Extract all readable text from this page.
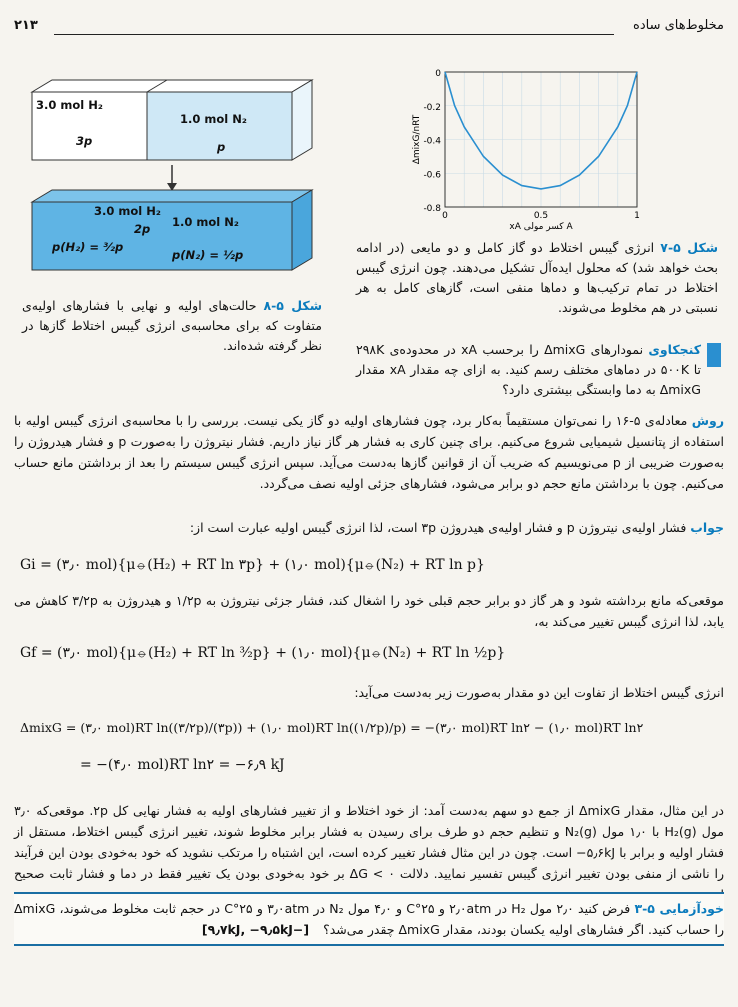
۲۱۳	مخلوط‌های ساده
3.0 mol H₂
3p
1.0 mol N₂
p
3.0 mol H₂
1.0 mol N₂
2p
p(H₂) = ³⁄₂p
p(N₂) = ½p
0
-0.2
-0.4
-0.6
-0.8
0	0.5	1
ΔmixG/nRT
xA کسر مولی A
شکل ۵-۷ انرژی گیبس اختلاط دو گاز کامل و دو مایعی (در ادامه بحث خواهد شد) که محلول ایده‌آل تشکیل می‌دهند. چون انرژی گیبس اختلاط در تمام ترکیب‌ها و دماها منفی است، گازهای کامل به هر نسبتی در هم مخلوط می‌شوند.
شکل ۵-۸ حالت‌های اولیه و نهایی با فشارهای اولیه‌ی متفاوت که برای محاسبه‌ی انرژی گیبس اختلاط گازها در نظر گرفته شده‌اند.	کنجکاوی نمودارهای ΔmixG را برحسب xA در محدوده‌ی ۲۹۸K تا ۵۰۰K در دماهای مختلف رسم کنید. به ازای چه مقدار xA مقدار ΔmixG به دما وابستگی بیشتری دارد؟
روش معادله‌ی ۵-۱۶ را نمی‌توان مستقیماً به‌کار برد، چون فشارهای اولیه دو گاز یکی نیست. بررسی را با محاسبه‌ی انرژی گیبس اولیه با استفاده از پتانسیل شیمیایی شروع می‌کنیم. برای چنین کاری به فشار هر گاز نیاز داریم. فشار نیتروژن را به‌صورت p و فشار هیدروژن را به‌صورت ضریبی از p می‌نویسیم که ضریب آن از قوانین گازها به‌دست می‌آید. سپس انرژی گیبس سیستم را بعد از برداشتن مانع حساب می‌کنیم. چون با برداشتن مانع حجم دو برابر می‌شود، فشارهای جزئی اولیه نصف می‌گردد.
جواب فشار اولیه‌ی نیتروژن p و فشار اولیه‌ی هیدروژن ۳p است، لذا انرژی گیبس اولیه عبارت است از:
Gi = (۳٫۰ mol){μ⦵(H₂) + RT ln ۳p} + (۱٫۰ mol){μ⦵(N₂) + RT ln p}
موقعی‌که مانع برداشته شود و هر گاز دو برابر حجم قبلی خود را اشغال کند، فشار جزئی نیتروژن به ۱/۲p و هیدروژن به ۳/۲p کاهش می یابد، لذا انرژی گیبس تغییر می‌کند به،
Gf = (۳٫۰ mol){μ⦵(H₂) + RT ln ³⁄₂p} + (۱٫۰ mol){μ⦵(N₂) + RT ln ½p}
انرژی گیبس اختلاط از تفاوت این دو مقدار به‌صورت زیر به‌دست می‌آید:
ΔmixG = (۳٫۰ mol)RT ln((۳/۲p)/(۳p)) + (۱٫۰ mol)RT ln((۱/۲p)/p) = −(۳٫۰ mol)RT ln۲ − (۱٫۰ mol)RT ln۲
= −(۴٫۰ mol)RT ln۲ = −۶٫۹ kJ
در این مثال، مقدار ΔmixG از جمع دو سهم به‌دست آمد: از خود اختلاط و از تغییر فشارهای اولیه به فشار نهایی کل ۲p. موقعی‌که ۳٫۰ مول H₂(g) با ۱٫۰ مول N₂(g) و تنظیم حجم دو طرف برای رسیدن به فشار برابر مخلوط شوند، تغییر انرژی گیبس اختلاط، مستقل از فشار اولیه و برابر با ۵٫۶kJ− است. چون در این مثال فشار تغییر کرده است، این اشتباه را مرتکب نشوید که خود به‌خودی بودن این فرآیند را ناشی از منفی بودن تغییر انرژی گیبس تفسیر نمایید. دلالت ΔG < ۰ بر خود به‌خودی بودن یک تغییر فقط در دما و فشار ثابت صحیح
خودآزمایی ۵-۳ فرض کنید ۲٫۰ مول H₂ در ۲٫۰atm و ۲۵°C و ۴٫۰ مول N₂ در ۳٫۰atm و ۲۵°C در حجم ثابت مخلوط می‌شوند، ΔmixG را حساب کنید. اگر فشارهای اولیه یکسان بودند، مقدار ΔmixG چقدر می‌شد؟ [−۹٫۷kJ, −۹٫۵kJ]
